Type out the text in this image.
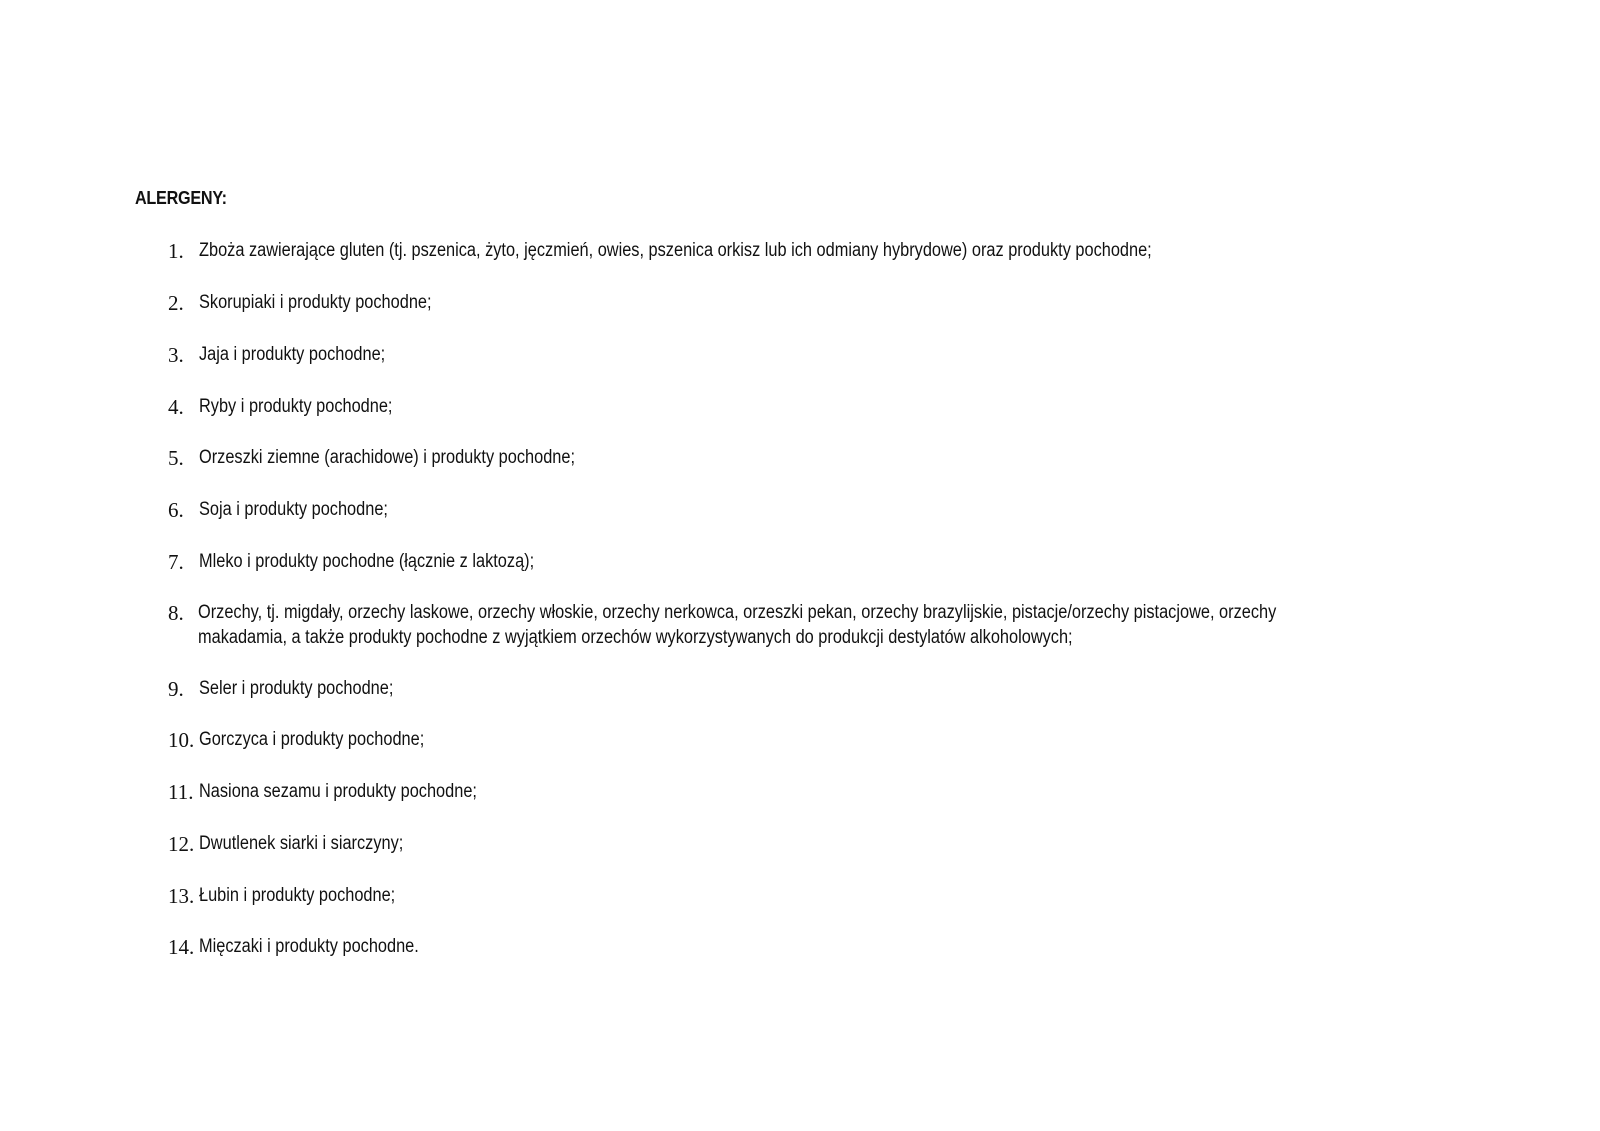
ALERGENY:
1. Zboża zawierające gluten (tj. pszenica, żyto, jęczmień, owies, pszenica orkisz lub ich odmiany hybrydowe) oraz produkty pochodne;
2. Skorupiaki i produkty pochodne;
3. Jaja i produkty pochodne;
4. Ryby i produkty pochodne;
5. Orzeszki ziemne (arachidowe) i produkty pochodne;
6. Soja i produkty pochodne;
7. Mleko i produkty pochodne (łącznie z laktozą);
8. Orzechy, tj. migdały, orzechy laskowe, orzechy włoskie, orzechy nerkowca, orzeszki pekan, orzechy brazylijskie, pistacje/orzechy pistacjowe, orzechy makadamia, a także produkty pochodne z wyjątkiem orzechów wykorzystywanych do produkcji destylatów alkoholowych;
9. Seler i produkty pochodne;
10. Gorczyca i produkty pochodne;
11. Nasiona sezamu i produkty pochodne;
12. Dwutlenek siarki i siarczyny;
13. Łubin i produkty pochodne;
14. Mięczaki i produkty pochodne.
